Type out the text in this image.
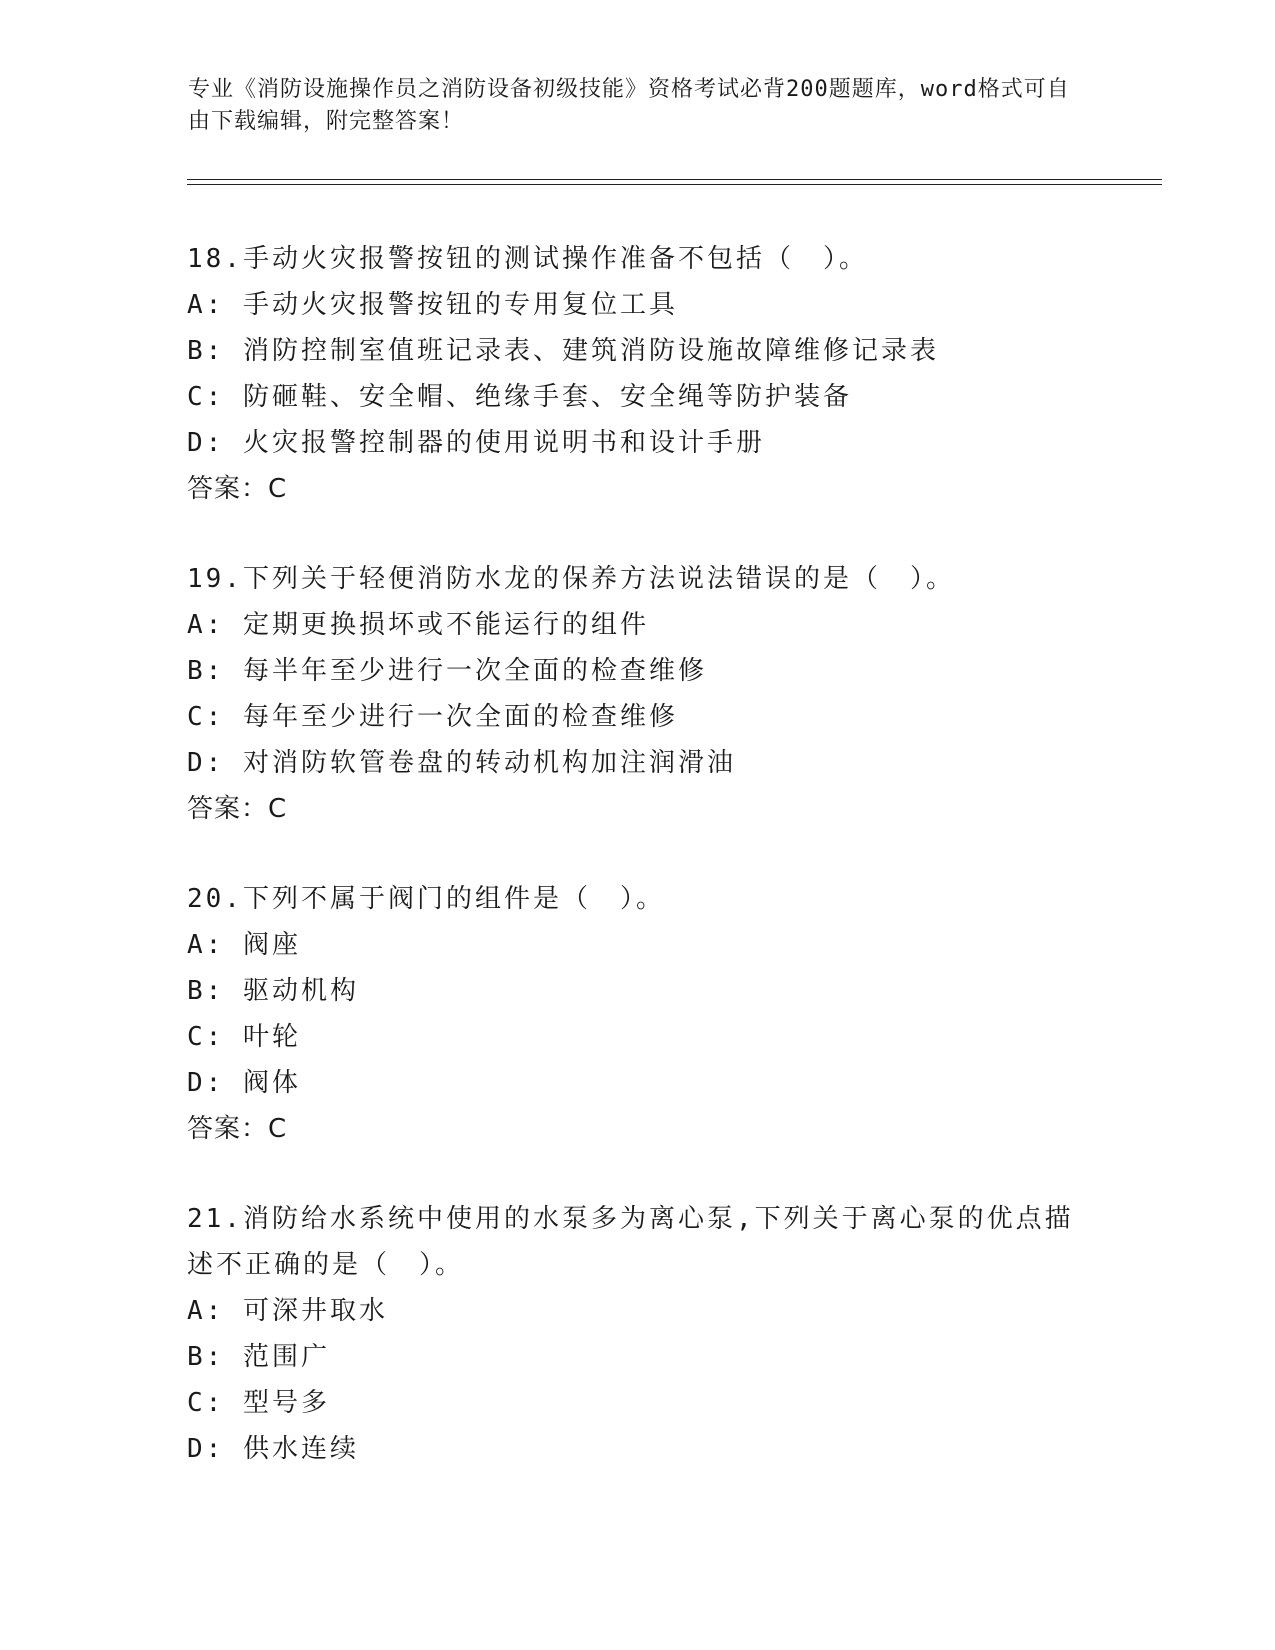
专业《消防设施操作员之消防设备初级技能》资格考试必背200题题库，word格式可自由下载编辑，附完整答案！
18.手动火灾报警按钮的测试操作准备不包括（　）。
A: 手动火灾报警按钮的专用复位工具
B: 消防控制室值班记录表、建筑消防设施故障维修记录表
C: 防砸鞋、安全帽、绝缘手套、安全绳等防护装备
D: 火灾报警控制器的使用说明书和设计手册
答案：C
19.下列关于轻便消防水龙的保养方法说法错误的是（　）。
A: 定期更换损坏或不能运行的组件
B: 每半年至少进行一次全面的检查维修
C: 每年至少进行一次全面的检查维修
D: 对消防软管卷盘的转动机构加注润滑油
答案：C
20.下列不属于阀门的组件是（　）。
A: 阀座
B: 驱动机构
C: 叶轮
D: 阀体
答案：C
21.消防给水系统中使用的水泵多为离心泵,下列关于离心泵的优点描述不正确的是（　）。
A: 可深井取水
B: 范围广
C: 型号多
D: 供水连续
